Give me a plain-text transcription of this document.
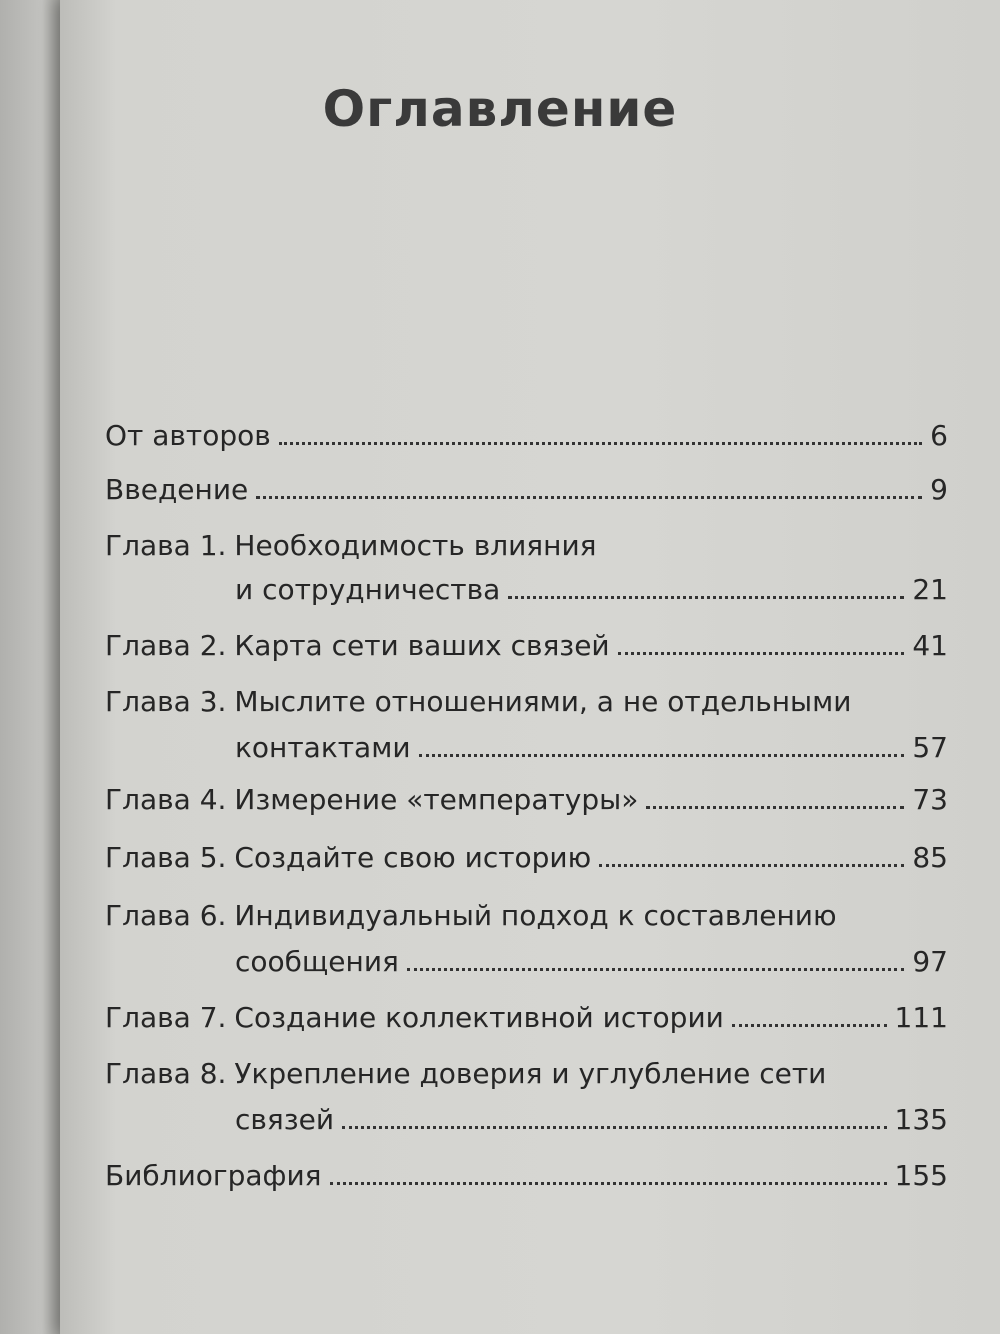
Оглавление
От авторов	6
Введение	9
Глава 1. Необходимость влияния
и сотрудничества	21
Глава 2. Карта сети ваших связей	41
Глава 3. Мыслите отношениями, а не отдельными
контактами	57
Глава 4. Измерение «температуры»	73
Глава 5. Создайте свою историю	85
Глава 6. Индивидуальный подход к составлению
сообщения	97
Глава 7. Создание коллективной истории	111
Глава 8. Укрепление доверия и углубление сети
связей	135
Библиография	155
